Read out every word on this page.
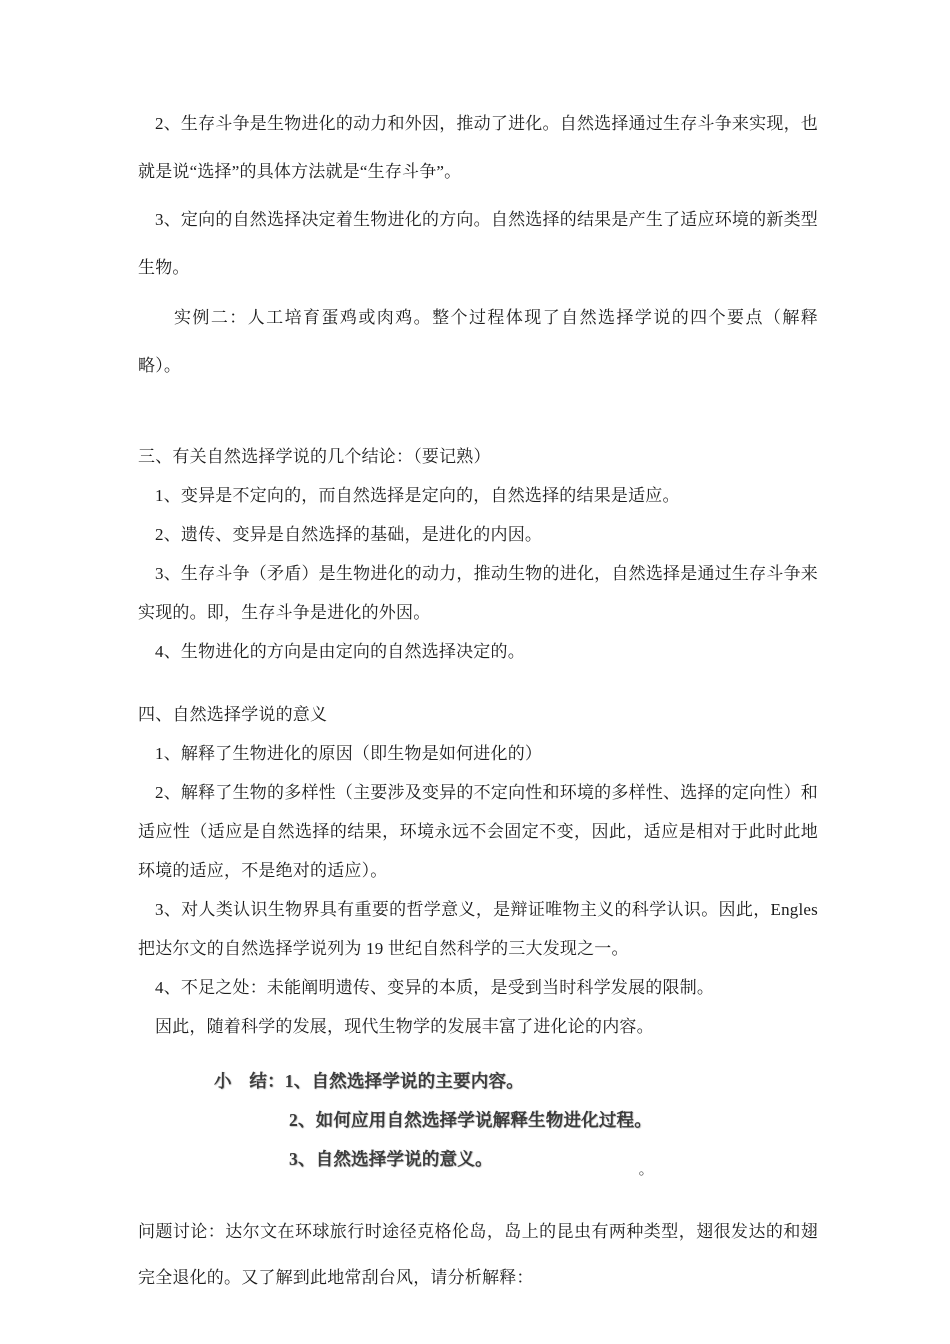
2、生存斗争是生物进化的动力和外因，推动了进化。自然选择通过生存斗争来实现，也就是说“选择”的具体方法就是“生存斗争”。

3、定向的自然选择决定着生物进化的方向。自然选择的结果是产生了适应环境的新类型生物。

实例二：人工培育蛋鸡或肉鸡。整个过程体现了自然选择学说的四个要点（解释略）。

三、有关自然选择学说的几个结论：（要记熟）

1、变异是不定向的，而自然选择是定向的，自然选择的结果是适应。

2、遗传、变异是自然选择的基础，是进化的内因。

3、生存斗争（矛盾）是生物进化的动力，推动生物的进化，自然选择是通过生存斗争来实现的。即，生存斗争是进化的外因。

4、生物进化的方向是由定向的自然选择决定的。

四、自然选择学说的意义

1、解释了生物进化的原因（即生物是如何进化的）

2、解释了生物的多样性（主要涉及变异的不定向性和环境的多样性、选择的定向性）和适应性（适应是自然选择的结果，环境永远不会固定不变，因此，适应是相对于此时此地环境的适应，不是绝对的适应）。

3、对人类认识生物界具有重要的哲学意义，是辩证唯物主义的科学认识。因此，Engles把达尔文的自然选择学说列为 19 世纪自然科学的三大发现之一。

4、不足之处：未能阐明遗传、变异的本质，是受到当时科学发展的限制。

因此，随着科学的发展，现代生物学的发展丰富了进化论的内容。

小　结：1、自然选择学说的主要内容。

2、如何应用自然选择学说解释生物进化过程。

3、自然选择学说的意义。。

问题讨论：达尔文在环球旅行时途径克格伦岛，岛上的昆虫有两种类型，翅很发达的和翅完全退化的。又了解到此地常刮台风，请分析解释：
